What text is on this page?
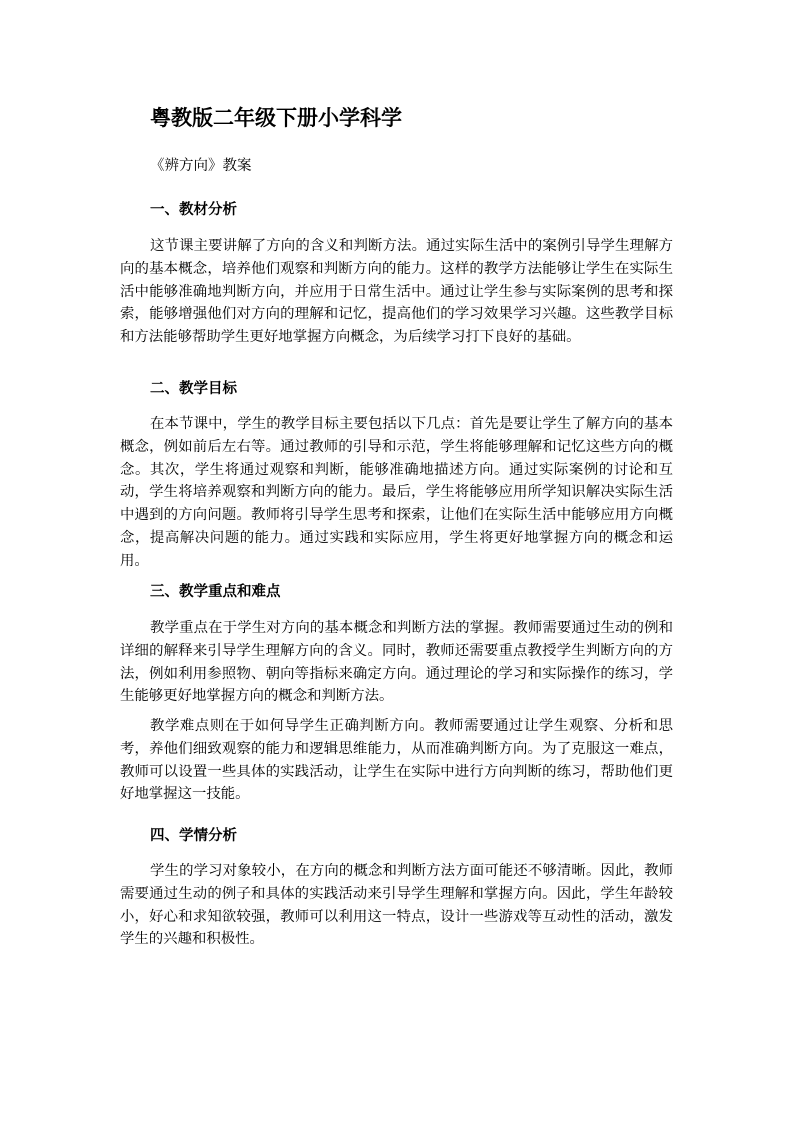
粤教版二年级下册小学科学
《辨方向》教案
一、教材分析
这节课主要讲解了方向的含义和判断方法。通过实际生活中的案例引导学生理解方向的基本概念，培养他们观察和判断方向的能力。这样的教学方法能够让学生在实际生活中能够准确地判断方向，并应用于日常生活中。通过让学生参与实际案例的思考和探索，能够增强他们对方向的理解和记忆，提高他们的学习效果学习兴趣。这些教学目标和方法能够帮助学生更好地掌握方向概念，为后续学习打下良好的基础。
二、教学目标
在本节课中，学生的教学目标主要包括以下几点：首先是要让学生了解方向的基本概念，例如前后左右等。通过教师的引导和示范，学生将能够理解和记忆这些方向的概念。其次，学生将通过观察和判断，能够准确地描述方向。通过实际案例的讨论和互动，学生将培养观察和判断方向的能力。最后，学生将能够应用所学知识解决实际生活中遇到的方向问题。教师将引导学生思考和探索，让他们在实际生活中能够应用方向概念，提高解决问题的能力。通过实践和实际应用，学生将更好地掌握方向的概念和运用。
三、教学重点和难点
教学重点在于学生对方向的基本概念和判断方法的掌握。教师需要通过生动的例和详细的解释来引导学生理解方向的含义。同时，教师还需要重点教授学生判断方向的方法，例如利用参照物、朝向等指标来确定方向。通过理论的学习和实际操作的练习，学生能够更好地掌握方向的概念和判断方法。
教学难点则在于如何导学生正确判断方向。教师需要通过让学生观察、分析和思考，养他们细致观察的能力和逻辑思维能力，从而准确判断方向。为了克服这一难点，教师可以设置一些具体的实践活动，让学生在实际中进行方向判断的练习，帮助他们更好地掌握这一技能。
四、学情分析
学生的学习对象较小，在方向的概念和判断方法方面可能还不够清晰。因此，教师需要通过生动的例子和具体的实践活动来引导学生理解和掌握方向。因此，学生年龄较小，好心和求知欲较强，教师可以利用这一特点，设计一些游戏等互动性的活动，激发学生的兴趣和积极性。
